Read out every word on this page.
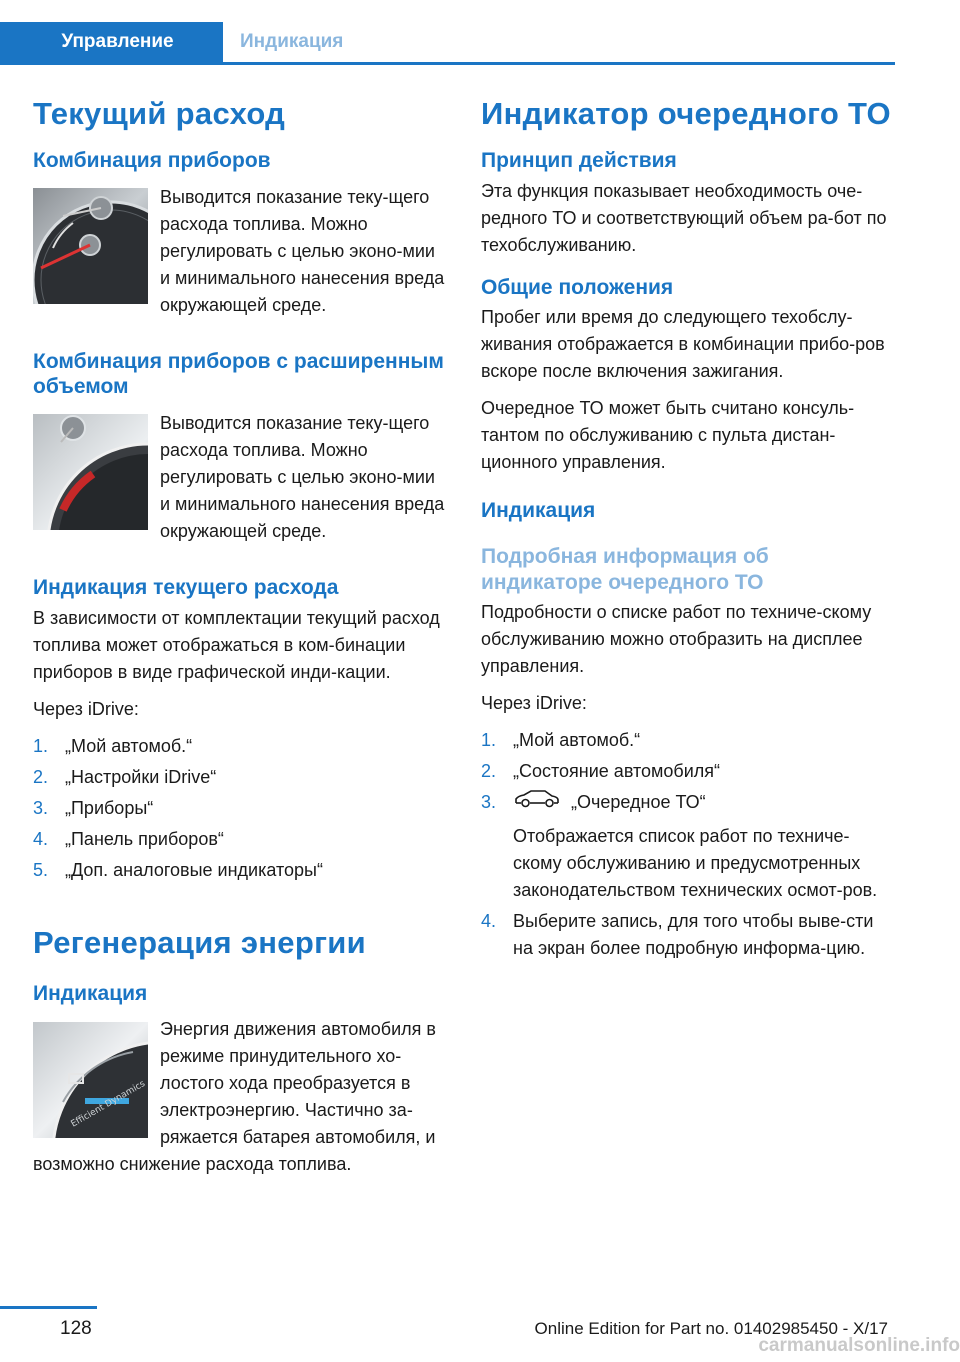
Управление	Индикация
Текущий расход
Комбинация приборов

Выводится показание теку‐щего расхода топлива. Можно регулировать с целью эконо‐мии и минимального нанесения вреда окружающей среде.

Комбинация приборов с расширенным объемом

Выводится показание теку‐щего расхода топлива. Можно регулировать с целью эконо‐мии и минимального нанесения вреда окружающей среде.

Индикация текущего расхода

В зависимости от комплектации текущий расход топлива может отображаться в ком‐бинации приборов в виде графической инди‐кации.

Через iDrive:

1. „Мой автомоб.“
2. „Настройки iDrive“
3. „Приборы“
4. „Панель приборов“
5. „Доп. аналоговые индикаторы“
Регенерация энергии
Индикация
Efficient Dynamics

Энергия движения автомобиля в режиме принудительного хо‐лостого хода преобразуется в электроэнергию. Частично за‐ряжается батарея автомобиля, и возможно снижение расхода топлива.

Индикатор очередного ТО
Принцип действия

Эта функция показывает необходимость оче‐редного ТО и соответствующий объем ра‐бот по техобслуживанию.

Общие положения

Пробег или время до следующего техобслу‐живания отображается в комбинации прибо‐ров вскоре после включения зажигания.

Очередное ТО может быть считано консуль‐тантом по обслуживанию с пульта дистан‐ционного управления.

Индикация
Подробная информация об индикаторе очередного ТО

Подробности о списке работ по техниче‐скому обслуживанию можно отобразить на дисплее управления.

Через iDrive:

1. „Мой автомоб.“
2. „Состояние автомобиля“
3.	„Очередное ТО“
Отображается список работ по техниче‐скому обслуживанию и предусмотренных законодательством технических осмот‐ров.
4. Выберите запись, для того чтобы выве‐сти на экран более подробную информа‐цию.
128	Online Edition for Part no. 01402985450 - X/17
carmanualsonline.info
